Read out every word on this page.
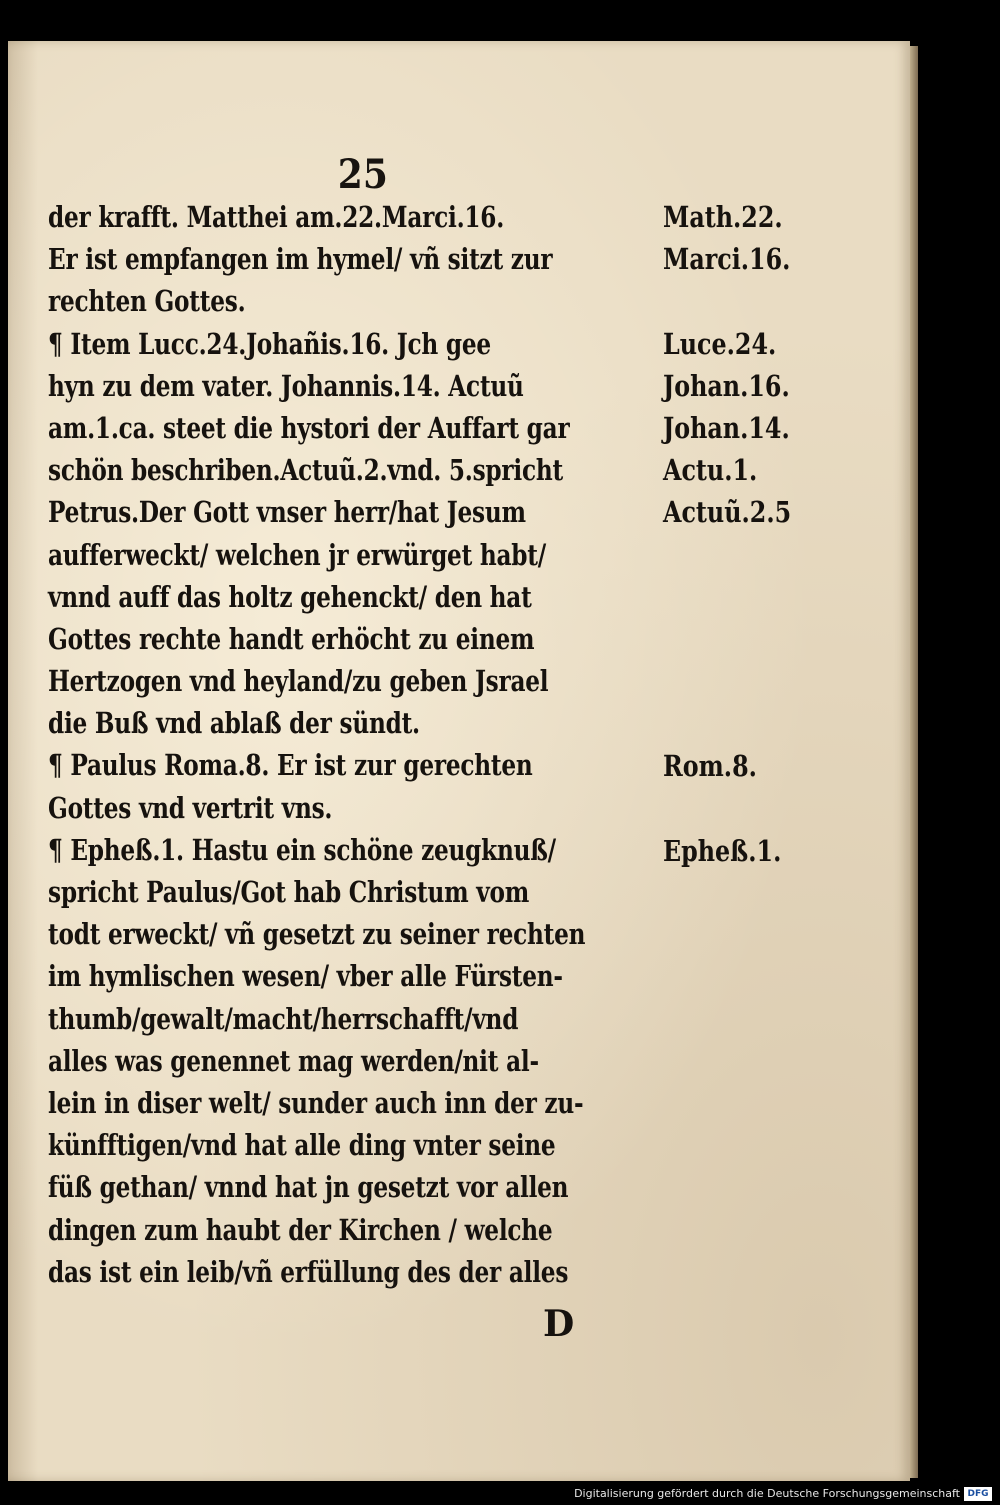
25
der krafft. Matthei am.22.Marci.16.
Er ist empfangen im hymel/ vñ sitzt zur
rechten Gottes.
¶ Item Lucc.24.Johañis.16. Jch gee
hyn zu dem vater. Johannis.14. Actuũ
am.1.ca. steet die hystori der Auffart gar
schön beschriben.Actuũ.2.vnd. 5.spricht
Petrus.Der Gott vnser herr/hat Jesum
aufferweckt/ welchen jr erwürget habt/
vnnd auff das holtz gehenckt/ den hat
Gottes rechte handt erhöcht zu einem
Hertzogen vnd heyland/zu geben Jsrael
die Buß vnd ablaß der sündt.
¶ Paulus Roma.8. Er ist zur gerechten
Gottes vnd vertrit vns.
¶ Epheß.1. Hastu ein schöne zeugknuß/
spricht Paulus/Got hab Christum vom
todt erweckt/ vñ gesetzt zu seiner rechten
im hymlischen wesen/ vber alle Fürsten-
thumb/gewalt/macht/herrschafft/vnd
alles was genennet mag werden/nit al-
lein in diser welt/ sunder auch inn der zu-
künfftigen/vnd hat alle ding vnter seine
füß gethan/ vnnd hat jn gesetzt vor allen
dingen zum haubt der Kirchen / welche
das ist ein leib/vñ erfüllung des der alles
Math.22.
Marci.16.
Luce.24.
Johan.16.
Johan.14.
Actu.1.
Actuũ.2.5
Rom.8.
Epheß.1.
D
Digitalisierung gefördert durch die Deutsche Forschungsgemeinschaft DFG
